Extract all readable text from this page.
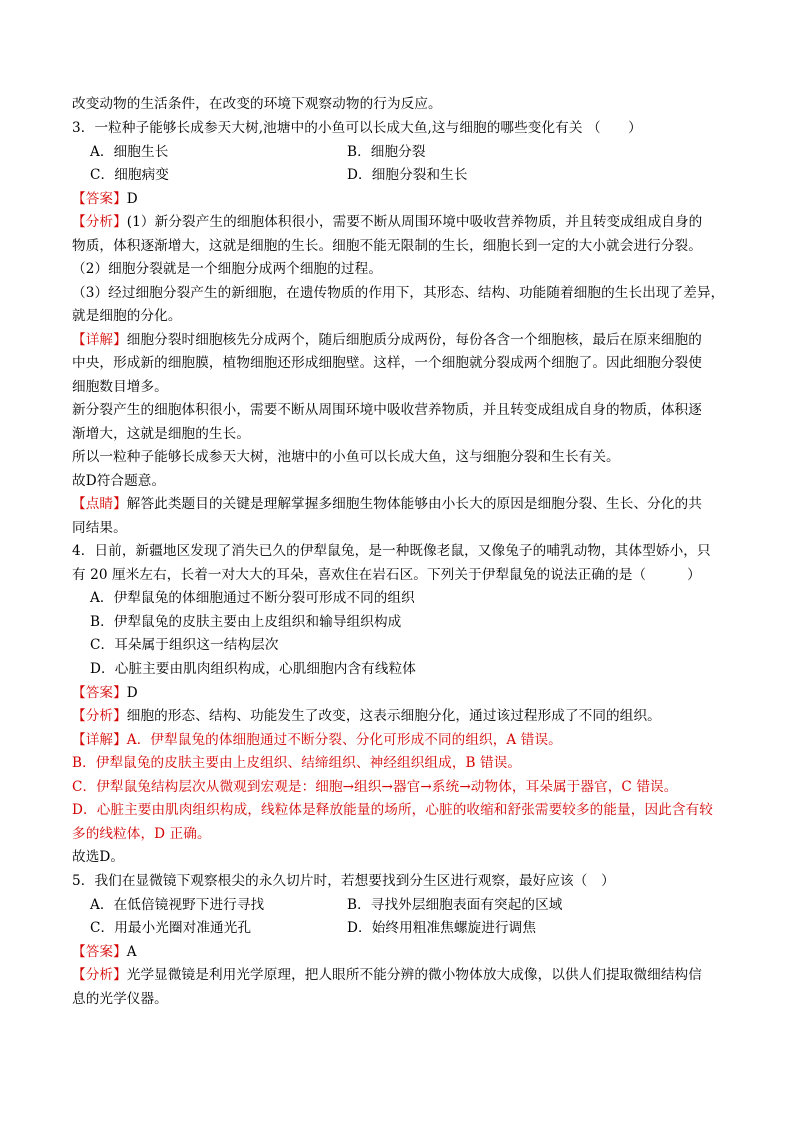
改变动物的生活条件，在改变的环境下观察动物的行为反应。
3．一粒种子能够长成参天大树,池塘中的小鱼可以长成大鱼,这与细胞的哪些变化有关 （　　）
A．细胞生长	B．细胞分裂
C．细胞病变	D．细胞分裂和生长
【答案】D
【分析】(1）新分裂产生的细胞体积很小，需要不断从周围环境中吸收营养物质，并且转变成组成自身的
物质，体积逐渐增大，这就是细胞的生长。细胞不能无限制的生长，细胞长到一定的大小就会进行分裂。
（2）细胞分裂就是一个细胞分成两个细胞的过程。
（3）经过细胞分裂产生的新细胞，在遗传物质的作用下，其形态、结构、功能随着细胞的生长出现了差异，
就是细胞的分化。
【详解】细胞分裂时细胞核先分成两个，随后细胞质分成两份，每份各含一个细胞核，最后在原来细胞的
中央，形成新的细胞膜，植物细胞还形成细胞壁。这样，一个细胞就分裂成两个细胞了。因此细胞分裂使
细胞数目增多。
新分裂产生的细胞体积很小，需要不断从周围环境中吸收营养物质，并且转变成组成自身的物质，体积逐
渐增大，这就是细胞的生长。
所以一粒种子能够长成参天大树，池塘中的小鱼可以长成大鱼，这与细胞分裂和生长有关。
故D符合题意。
【点睛】解答此类题目的关键是理解掌握多细胞生物体能够由小长大的原因是细胞分裂、生长、分化的共
同结果。
4．日前，新疆地区发现了消失已久的伊犁鼠兔，是一种既像老鼠，又像兔子的哺乳动物，其体型娇小，只
有 20 厘米左右，长着一对大大的耳朵，喜欢住在岩石区。下列关于伊犁鼠兔的说法正确的是（　　　）
A．伊犁鼠兔的体细胞通过不断分裂可形成不同的组织
B．伊犁鼠兔的皮肤主要由上皮组织和输导组织构成
C．耳朵属于组织这一结构层次
D．心脏主要由肌肉组织构成，心肌细胞内含有线粒体
【答案】D
【分析】细胞的形态、结构、功能发生了改变，这表示细胞分化，通过该过程形成了不同的组织。
【详解】A．伊犁鼠兔的体细胞通过不断分裂、分化可形成不同的组织，A 错误。
B．伊犁鼠兔的皮肤主要由上皮组织、结缔组织、神经组织组成，B 错误。
C．伊犁鼠兔结构层次从微观到宏观是：细胞→组织→器官→系统→动物体，耳朵属于器官，C 错误。
D．心脏主要由肌肉组织构成，线粒体是释放能量的场所，心脏的收缩和舒张需要较多的能量，因此含有较
多的线粒体，D 正确。
故选D。
5．我们在显微镜下观察根尖的永久切片时，若想要找到分生区进行观察，最好应该（　）
A．在低倍镜视野下进行寻找	B．寻找外层细胞表面有突起的区域
C．用最小光圈对准通光孔	D．始终用粗准焦螺旋进行调焦
【答案】A
【分析】光学显微镜是利用光学原理，把人眼所不能分辨的微小物体放大成像，以供人们提取微细结构信
息的光学仪器。
